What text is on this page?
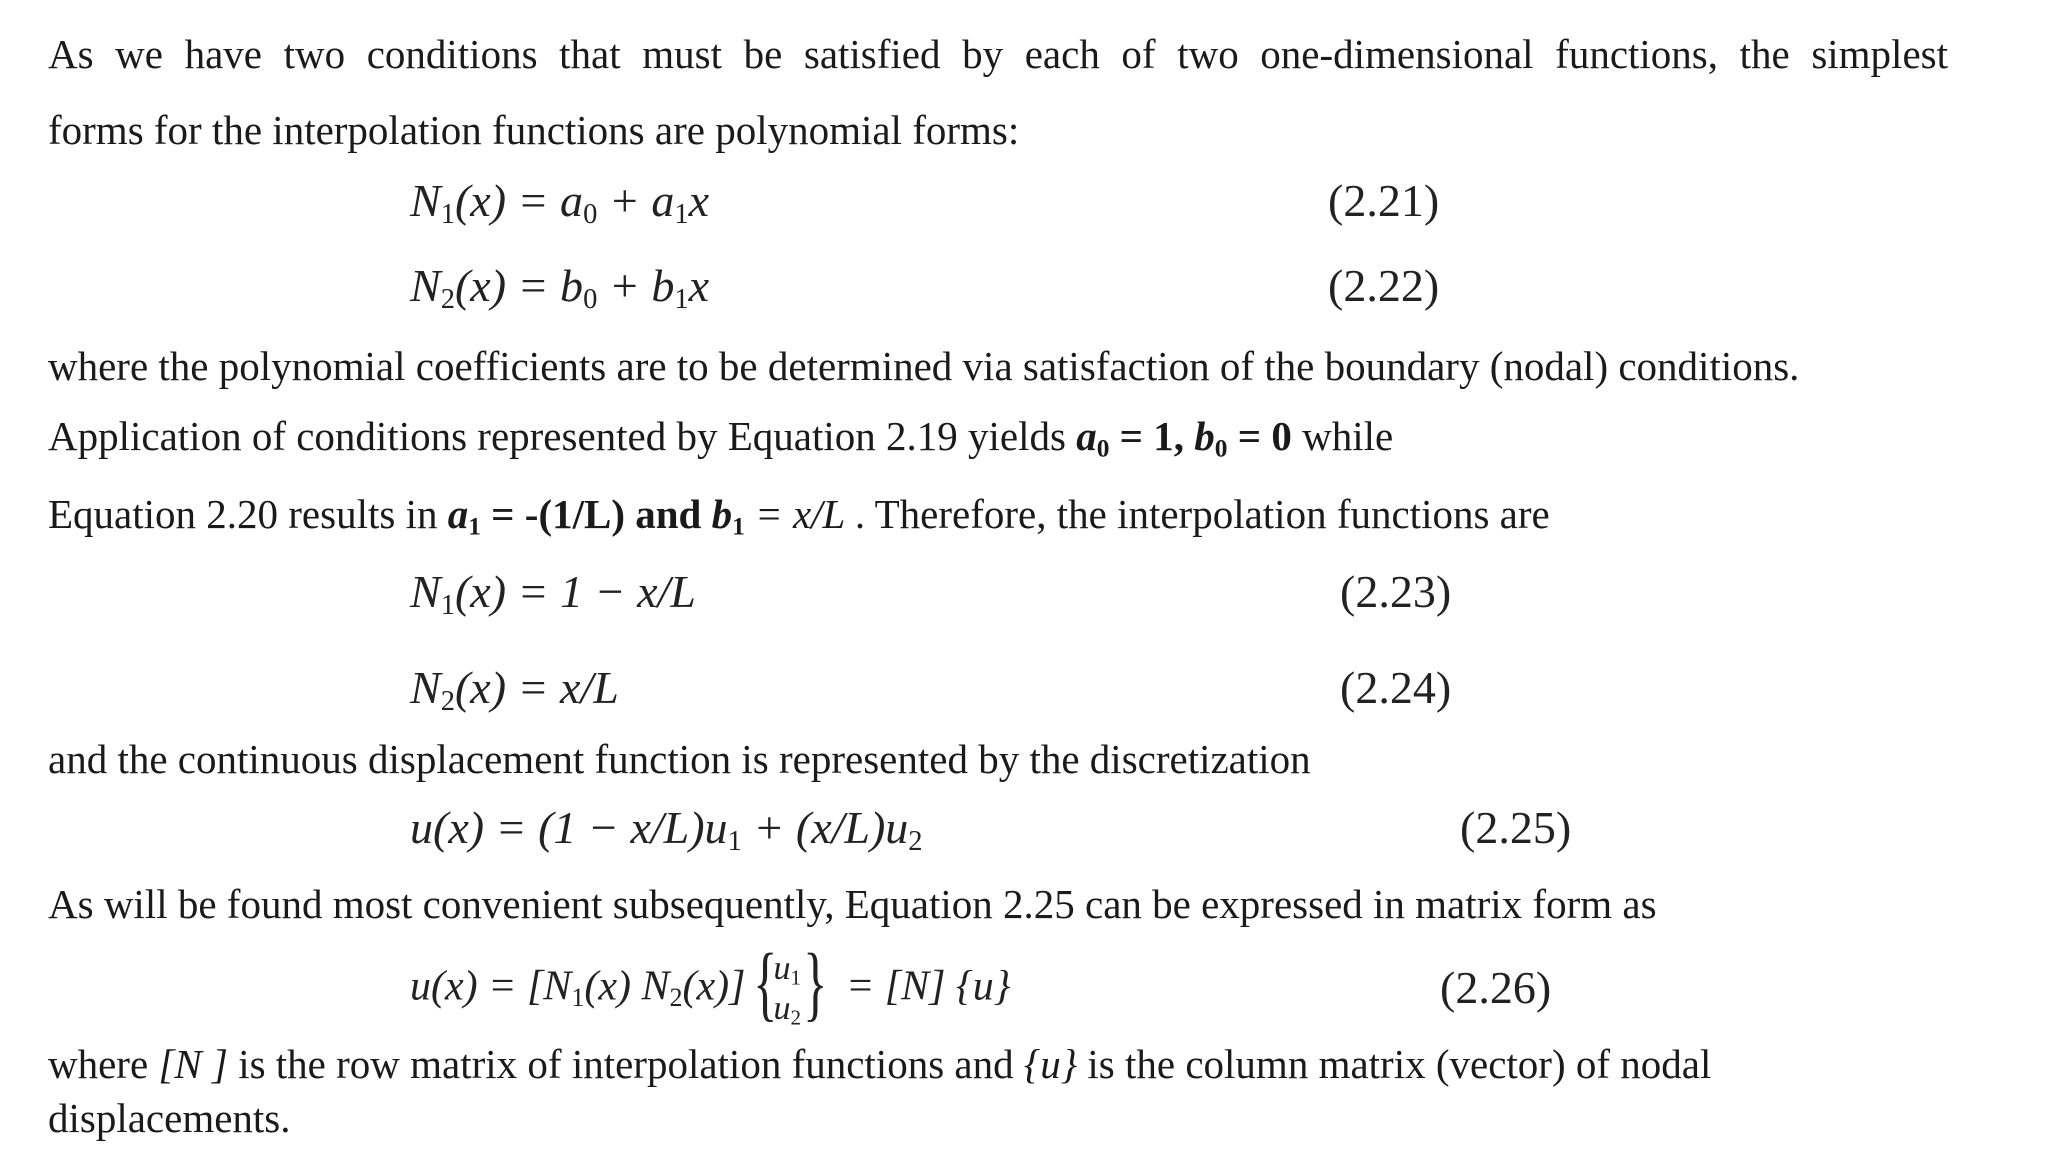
As we have two conditions that must be satisfied by each of two one-dimensional functions, the simplest
forms for the interpolation functions are polynomial forms:
$N_1(x) = a_0 + a_1x$	(2.21)
$N_2(x) = b_0 + b_1x$	(2.22)
where the polynomial coefficients are to be determined via satisfaction of the boundary (nodal) conditions.
Application of conditions represented by Equation 2.19 yields $a_0 = 1$, $b_0 = 0$ while
Equation 2.20 results in $a_1 = -(1/L)$ and $b_1 = x/L$ . Therefore, the interpolation functions are
$N_1(x) = 1 - x/L$	(2.23)
$N_2(x) = x/L$	(2.24)
and the continuous displacement function is represented by the discretization
$u(x) = (1 - x/L)u_1 + (x/L)u_2$	(2.25)
As will be found most convenient subsequently, Equation 2.25 can be expressed in matrix form as
$u(x) = [N_1(x)$ $N_2(x)$] {
$u_1$
$u_2$ } = [N] {u}	(2.26)
where [N ] is the row matrix of interpolation functions and {u} is the column matrix (vector) of nodal
displacements.
